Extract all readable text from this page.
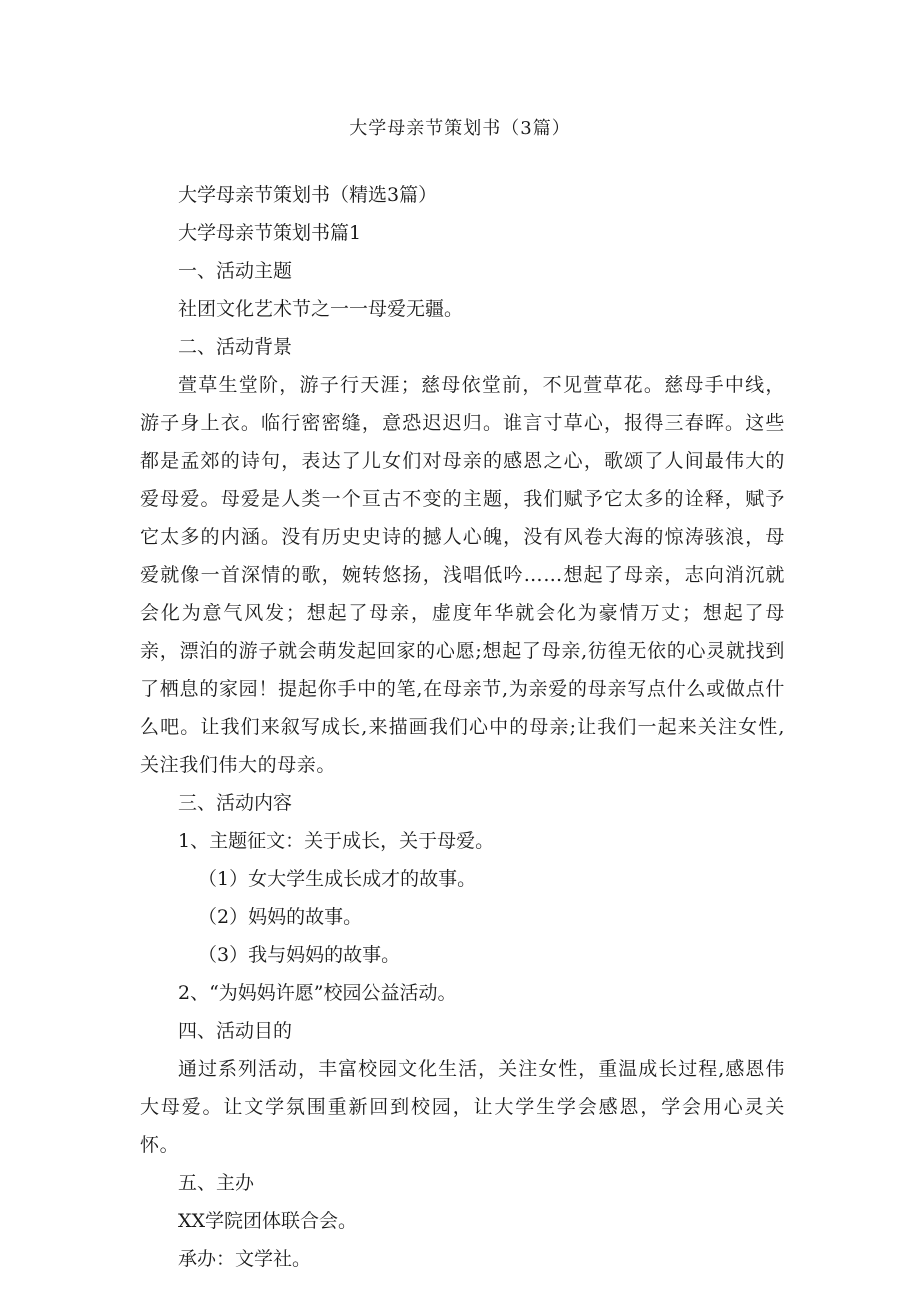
大学母亲节策划书（3篇）

大学母亲节策划书（精选3篇）

大学母亲节策划书篇1

一、活动主题

社团文化艺术节之一一母爱无疆。

二、活动背景

萱草生堂阶，游子行天涯；慈母依堂前，不见萱草花。慈母手中线，游子身上衣。临行密密缝，意恐迟迟归。谁言寸草心，报得三春晖。这些都是孟郊的诗句，表达了儿女们对母亲的感恩之心，歌颂了人间最伟大的爱母爱。母爱是人类一个亘古不变的主题，我们赋予它太多的诠释，赋予它太多的内涵。没有历史史诗的撼人心魄，没有风卷大海的惊涛骇浪，母爱就像一首深情的歌，婉转悠扬，浅唱低吟……想起了母亲，志向消沉就会化为意气风发；想起了母亲，虚度年华就会化为豪情万丈；想起了母亲，漂泊的游子就会萌发起回家的心愿;想起了母亲,彷徨无依的心灵就找到了栖息的家园！提起你手中的笔,在母亲节,为亲爱的母亲写点什么或做点什么吧。让我们来叙写成长,来描画我们心中的母亲;让我们一起来关注女性,关注我们伟大的母亲。

三、活动内容

1、主题征文：关于成长，关于母爱。

（1）女大学生成长成才的故事。

（2）妈妈的故事。

（3）我与妈妈的故事。

2、“为妈妈许愿”校园公益活动。

四、活动目的

通过系列活动，丰富校园文化生活，关注女性，重温成长过程,感恩伟大母爱。让文学氛围重新回到校园，让大学生学会感恩，学会用心灵关怀。

五、主办

XX学院团体联合会。

承办：文学社。
